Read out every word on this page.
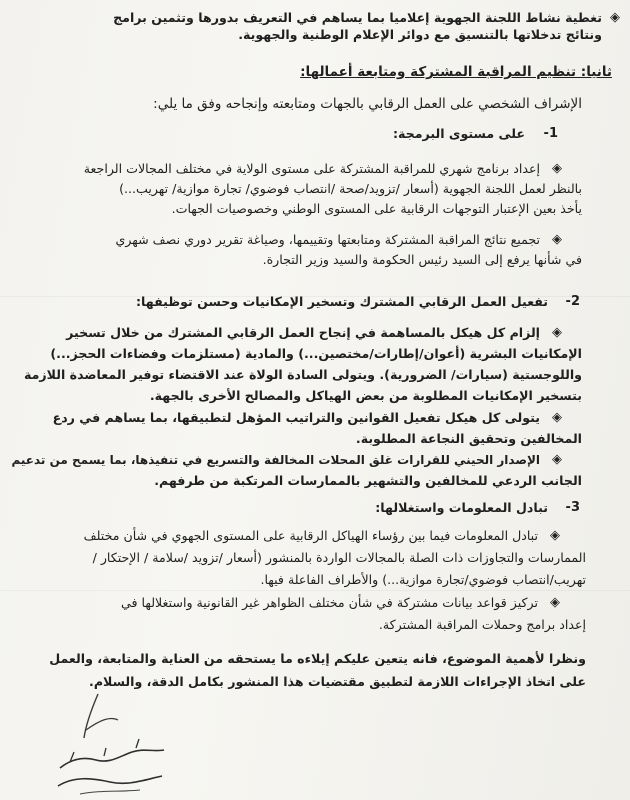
◈
تغطية نشاط اللجنة الجهوية إعلاميا بما يساهم في التعريف بدورها وتثمين برامج
ونتائج تدخلاتها بالتنسيق مع دوائر الإعلام الوطنية والجهوية.
ثانيا: تنظيم المراقبة المشتركة ومتابعة أعمالها:
الإشراف الشخصي على العمل الرقابي بالجهات ومتابعته وإنجاحه وفق ما يلي:
-1
على مستوى البرمجة:
◈
إعداد برنامج شهري للمراقبة المشتركة على مستوى الولاية في مختلف المجالات الراجعة
بالنظر لعمل اللجنة الجهوية (أسعار /تزويد/صحة /انتصاب فوضوي/ تجارة موازية/ تهريب...)
يأخذ بعين الإعتبار التوجهات الرقابية على المستوى الوطني وخصوصيات الجهات.
◈
تجميع نتائج المراقبة المشتركة ومتابعتها وتقييمها، وصياغة تقرير دوري نصف شهري
في شأنها يرفع إلى السيد رئيس الحكومة والسيد وزير التجارة.
-2
تفعيل العمل الرقابي المشترك وتسخير الإمكانيات وحسن توظيفها:
◈
إلزام كل هيكل بالمساهمة في إنجاح العمل الرقابي المشترك من خلال تسخير
الإمكانيات البشرية (أعوان/إطارات/مختصين...) والمادية (مستلزمات وفضاءات الحجز...)
واللوجستية (سيارات/ الضرورية). ويتولى السادة الولاة عند الاقتضاء توفير المعاضدة اللازمة
بتسخير الإمكانيات المطلوبة من بعض الهياكل والمصالح الأخرى بالجهة.
◈
يتولى كل هيكل تفعيل القوانين والتراتيب المؤهل لتطبيقها، بما يساهم في ردع
المخالفين وتحقيق النجاعة المطلوبة.
◈
الإصدار الحيني للقرارات غلق المحلات المخالفة والتسريع في تنفيذها، بما يسمح من تدعيم
الجانب الردعي للمخالفين والتشهير بالممارسات المرتكبة من طرفهم.
-3
تبادل المعلومات واستغلالها:
◈
تبادل المعلومات فيما بين رؤساء الهياكل الرقابية على المستوى الجهوي في شأن مختلف
الممارسات والتجاوزات ذات الصلة بالمجالات الواردة بالمنشور (أسعار /تزويد /سلامة / الإحتكار /
تهريب/انتصاب فوضوي/تجارة موازية...) والأطراف الفاعلة فيها.
◈
تركيز قواعد بيانات مشتركة في شأن مختلف الظواهر غير القانونية واستغلالها في
إعداد برامج وحملات المراقبة المشتركة.
ونظرا لأهمية الموضوع، فانه يتعين عليكم إيلاءه ما يستحقه من العناية والمتابعة، والعمل
على اتخاذ الإجراءات اللازمة لتطبيق مقتضيات هذا المنشور بكامل الدقة، والسلام.
